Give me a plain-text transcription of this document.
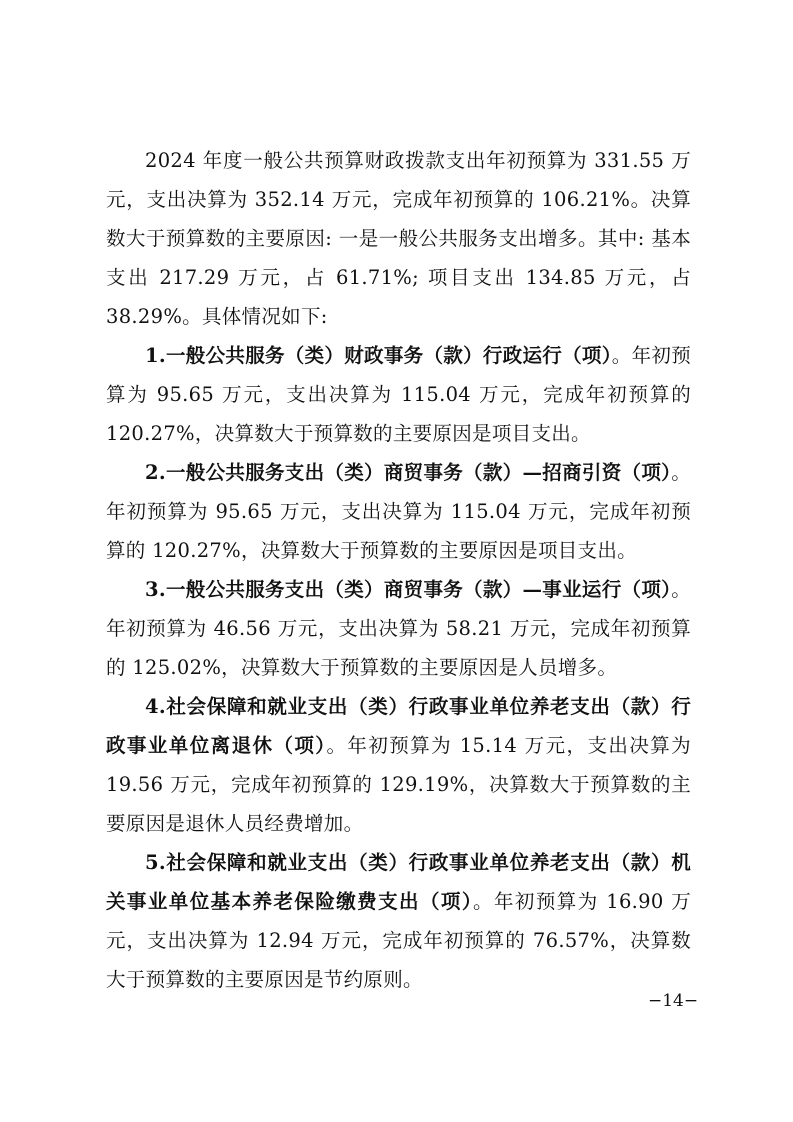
2024 年度一般公共预算财政拨款支出年初预算为 331.55 万元，支出决算为 352.14 万元，完成年初预算的 106.21%。决算数大于预算数的主要原因: 一是一般公共服务支出增多。其中: 基本支出 217.29 万元，占 61.71%; 项目支出 134.85 万元，占 38.29%。具体情况如下:

1.一般公共服务（类）财政事务（款）行政运行（项）。年初预算为 95.65 万元，支出决算为 115.04 万元，完成年初预算的 120.27%，决算数大于预算数的主要原因是项目支出。

2.一般公共服务支出（类）商贸事务（款）—招商引资（项）。年初预算为 95.65 万元，支出决算为 115.04 万元，完成年初预算的 120.27%，决算数大于预算数的主要原因是项目支出。

3.一般公共服务支出（类）商贸事务（款）—事业运行（项）。年初预算为 46.56 万元，支出决算为 58.21 万元，完成年初预算的 125.02%，决算数大于预算数的主要原因是人员增多。

4.社会保障和就业支出（类）行政事业单位养老支出（款）行政事业单位离退休（项）。年初预算为 15.14 万元，支出决算为 19.56 万元，完成年初预算的 129.19%，决算数大于预算数的主要原因是退休人员经费增加。

5.社会保障和就业支出（类）行政事业单位养老支出（款）机关事业单位基本养老保险缴费支出（项）。年初预算为 16.90 万元，支出决算为 12.94 万元，完成年初预算的 76.57%，决算数大于预算数的主要原因是节约原则。

−14−
